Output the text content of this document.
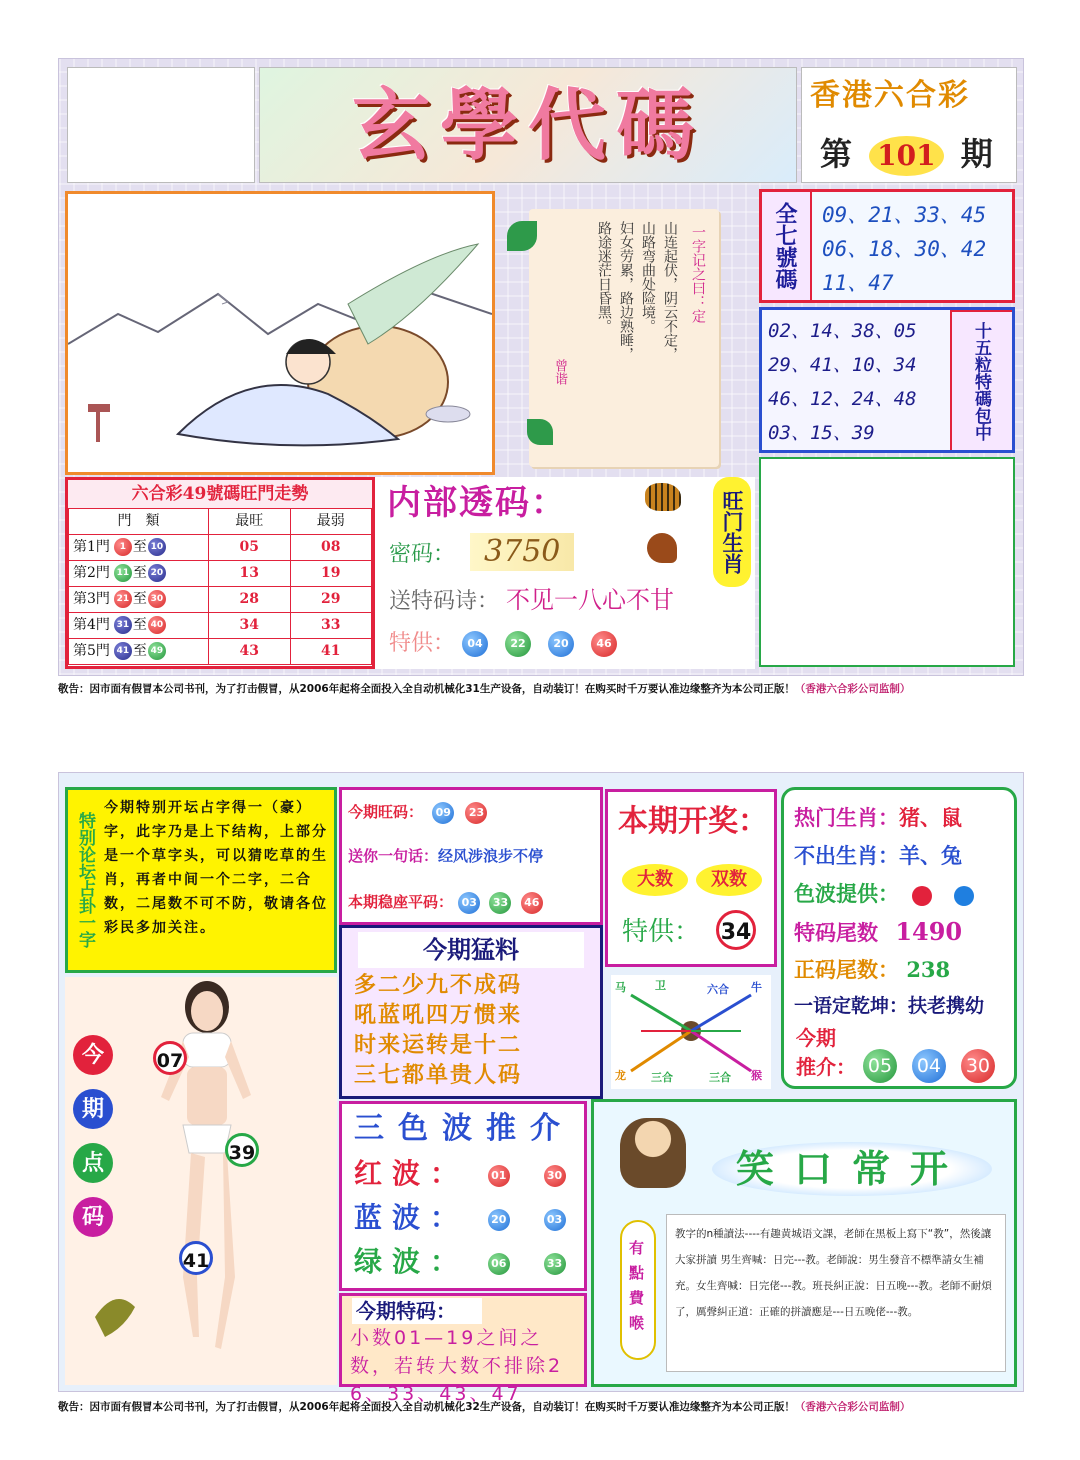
玄學代碼	香港六合彩
第 101 期
一字记之曰：定
山连起伏，阴云不定，
山路弯曲处险境。
妇女劳累，路边熟睡，
路途迷茫日昏黑。
曾谐
全七號碼	09、21、33、45
06、18、30、42
11、47
02、14、38、05
29、41、10、34
46、12、24、48
03、15、39	十五粒特碼包中
六合彩49號碼旺門走勢
門　類	最旺	最弱
第1門 1 至 10	05	08
第2門 11 至 20	13	19
第3門 21 至 30	28	29
第4門 31 至 40	34	33
第5門 41 至 49	43	41
内部透码：	旺门生肖
密码： 3750
送特码诗： 不见一八心不甘
特供： 04	22	20	46
敬告：因市面有假冒本公司书刊，为了打击假冒，从2006年起将全面投入全自动机械化31生产设备，自动装订！在购买时千万要认准边缘整齐为本公司正版！（香港六合彩公司监制）
特别论坛占卦一字
今期特别开坛占字得一（豪）字，此字乃是上下结构，上部分是一个草字头，可以猜吃草的生肖，再者中间一个二字，二合数，二尾数不可不防，敬请各位彩民多加关注。
今
期
点
码
07
39
41
今期旺码： 09 23
送你一句话：经风涉浪步不停
本期稳座平码： 03 33 46
今期猛料
多二少九不成码
吼蓝吼四万惯来
时来运转是十二
三七都单贵人码
三色波推介
红波： 01	30
蓝波： 20	03
绿波： 06	33
今期特码：
小数01—19之间之数，若转大数不排除26、33、43、47
本期开奖：
大数	双数
特供： 34
马	卫	六合 牛
龙 三合	三合 猴
热门生肖：猪、鼠
不出生肖：羊、兔
色波提供：
特码尾数 1490
正码尾数： 238
一语定乾坤：扶老携幼
今期
推介： 05 04 30
笑口常开
有點費喉
教字的n種讀法----有趣黄城语文課，老師在黑板上寫下“教”，然後讓大家拼讀 男生齊喊：日完---教。老師說：男生發音不標準請女生補充。女生齊喊：日完佬---教。班長糾正說：日五晚---教。老師不耐煩了，厲聲糾正道：正確的拼讀應是---日五晚佬---教。
敬告：因市面有假冒本公司书刊，为了打击假冒，从2006年起将全面投入全自动机械化32生产设备，自动装订！在购买时千万要认准边缘整齐为本公司正版！（香港六合彩公司监制）
